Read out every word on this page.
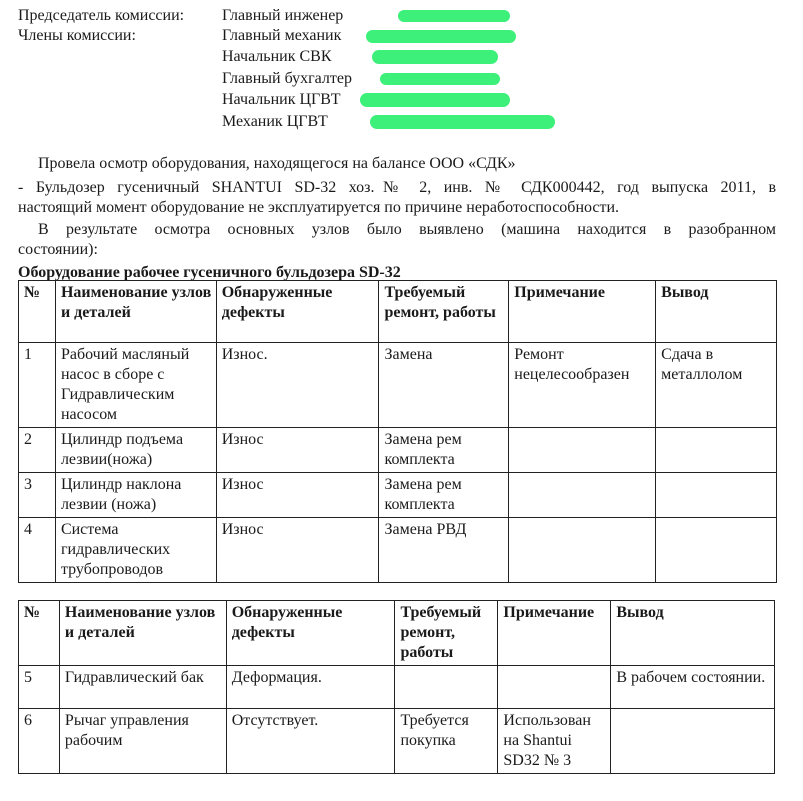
Председатель комиссии:
Члены комиссии:
Главный инженер
Главный механик
Начальник СВК
Главный бухгалтер
Начальник ЦГВТ
Механик ЦГВТ
Провела осмотр оборудования, находящегося на балансе ООО «СДК»
- Бульдозер гусеничный SHANTUI SD-32 хоз.№ 2, инв. № СДК000442, год выпуска 2011, в
настоящий момент оборудование не эксплуатируется по причине неработоспособности.
В результате осмотра основных узлов было выявлено (машина находится в разобранном
состоянии):
Оборудование рабочее гусеничного бульдозера SD-32
№	Наименование узлов и деталей	Обнаруженные дефекты	Требуемый ремонт, работы	Примечание	Вывод
1	Рабочий масляный насос в сборе с Гидравлическим насосом	Износ.	Замена	Ремонт нецелесообразен	Сдача в металлолом
2	Цилиндр подъема лезвии(ножа)	Износ	Замена рем комплекта		
3	Цилиндр наклона лезвии (ножа)	Износ	Замена рем комплекта		
4	Система гидравлических трубопроводов	Износ	Замена РВД		
№	Наименование узлов и деталей	Обнаруженные дефекты	Требуемый ремонт, работы	Примечание	Вывод
5	Гидравлический бак	Деформация.			В рабочем состоянии.
6	Рычаг управления рабочим	Отсутствует.	Требуется покупка	Использован на Shantui SD32 № 3	
